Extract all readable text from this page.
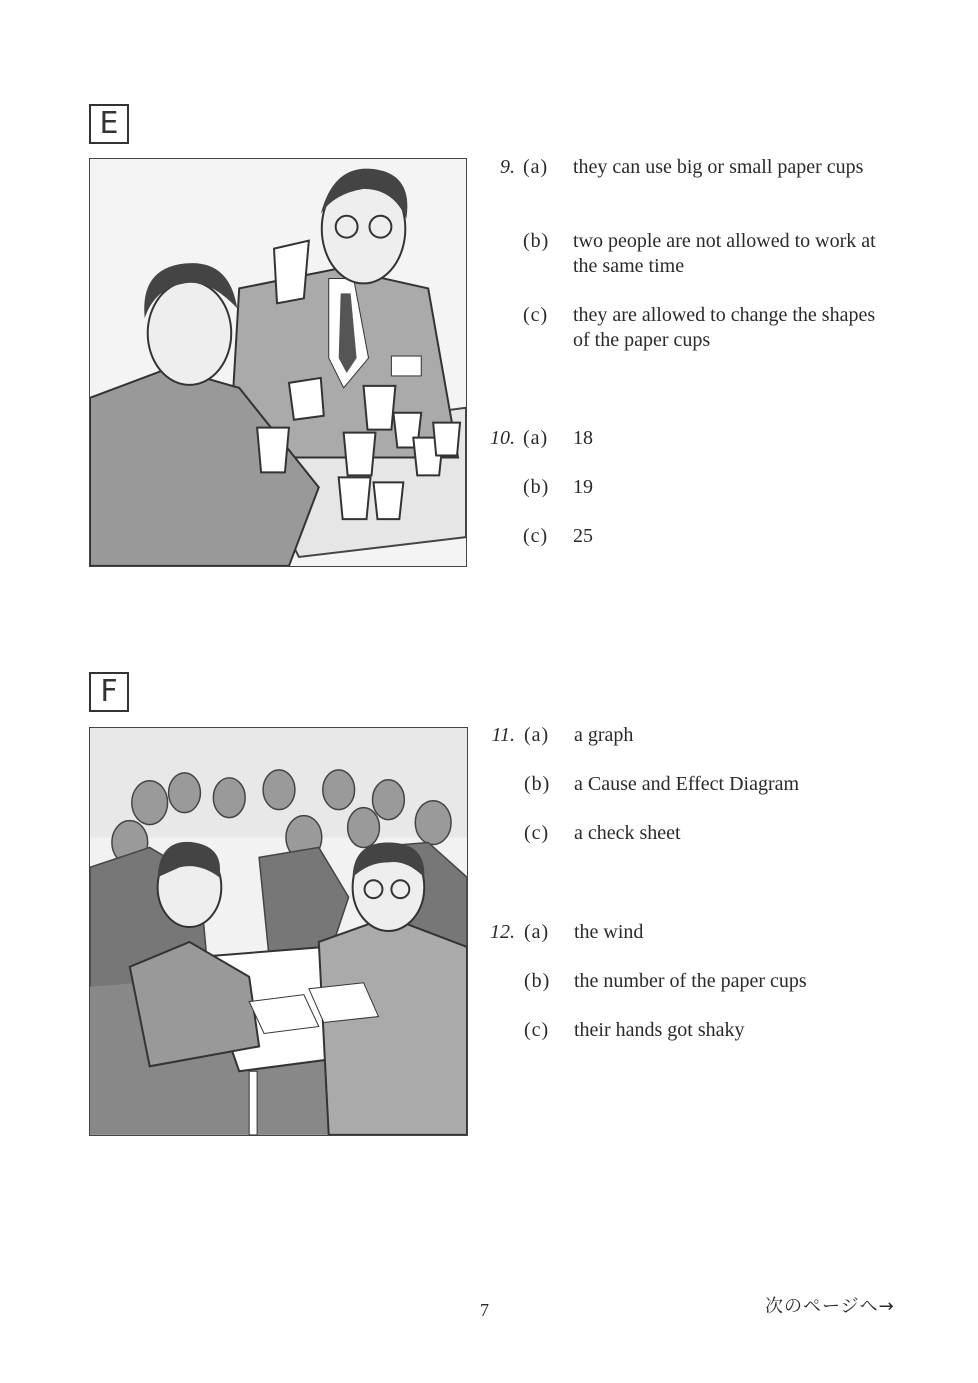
E
9. (a)	they can use big or small paper cups
(b)	two people are not allowed to work at the same time
(c)	they are allowed to change the shapes of the paper cups
10. (a)	18
(b)	19
(c)	25
F
11. (a)	a graph
(b)	a Cause and Effect Diagram
(c)	a check sheet
12. (a)	the wind
(b)	the number of the paper cups
(c)	their hands got shaky
7	次のページへ→
